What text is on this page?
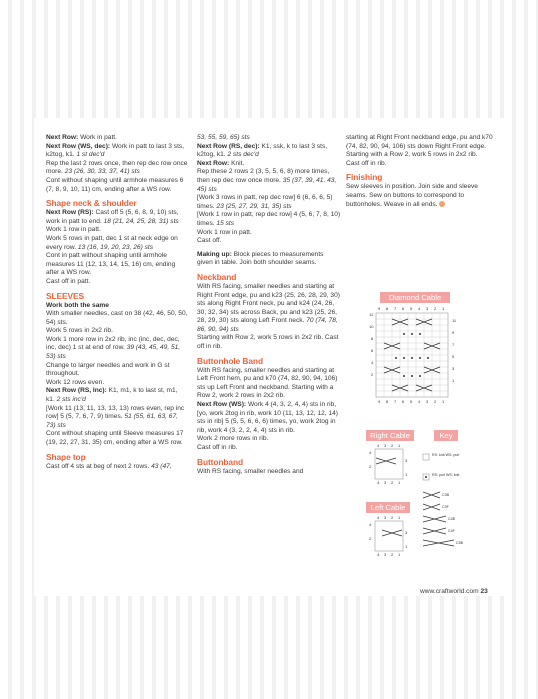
Next Row: Work in patt.

Next Row (WS, dec): Work in patt to last 3 sts, k2tog, k1. 1 st dec'd

Rep the last 2 rows once, then rep dec row once more. 23 (26, 30, 33, 37, 41) sts

Cont without shaping until armhole measures 6 (7, 8, 9, 10, 11) cm, ending after a WS row.

Shape neck & shoulder

Next Row (RS): Cast off 5 (5, 6, 8, 9, 10) sts, work in patt to end. 18 (21, 24, 25, 28, 31) sts

Work 1 row in patt.

Work 5 rows in patt, dec 1 st at neck edge on every row. 13 (16, 19, 20, 23, 26) sts

Cont in patt without shaping until armhole measures 11 (12, 13, 14, 15, 16) cm, ending after a WS row.

Cast off in patt.

SLEEVES

Work both the same

With smaller needles, cast on 38 (42, 46, 50, 50, 54) sts.

Work 5 rows in 2x2 rib.

Work 1 more row in 2x2 rib, inc (inc, dec, dec, inc, dec) 1 st at end of row. 39 (43, 45, 49, 51, 53) sts

Change to larger needles and work in G st throughout.

Work 12 rows even.

Next Row (RS, Inc): K1, m1, k to last st, m1, k1. 2 sts inc'd

[Work 11 (13, 11, 13, 13, 13) rows even, rep inc row] 5 (5, 7, 6, 7, 9) times. 51 (55, 61, 63, 67, 73) sts

Cont without shaping until Sleeve measures 17 (19, 22, 27, 31, 35) cm, ending after a WS row.

Shape top

Cast off 4 sts at beg of next 2 rows. 43 (47,

53, 55, 59, 65) sts

Next Row (RS, dec): K1, ssk, k to last 3 sts, k2tog, k1. 2 sts dec'd

Next Row: Knit.

Rep these 2 rows 2 (3, 5, 5, 6, 8) more times, then rep dec row once more. 35 (37, 39, 41, 43, 45) sts

[Work 3 rows in patt, rep dec row] 6 (6, 6, 6, 5) times. 23 (25, 27, 29, 31, 35) sts

[Work 1 row in patt, rep dec row] 4 (5, 6, 7, 8, 10) times. 15 sts

Work 1 row in patt.

Cast off.

Making up: Block pieces to measurements given in table. Join both shoulder seams.

Neckband

With RS facing, smaller needles and starting at Right Front edge, pu and k23 (25, 26, 28, 29, 30) sts along Right Front neck, pu and k24 (24, 26, 30, 32, 34) sts across Back, pu and k23 (25, 26, 28, 29, 30) sts along Left Front neck. 70 (74, 78, 86, 90, 94) sts

Starting with Row 2, work 5 rows in 2x2 rib. Cast off in rib.

Buttonhole Band

With RS facing, smaller needles and starting at Left Front hem, pu and k70 (74, 82, 90, 94, 106) sts up Left Front and neckband. Starting with a Row 2, work 2 rows in 2x2 rib.

Next Row (WS): Work 4 (4, 3, 2, 4, 4) sts in rib, [yo, work 2tog in rib, work 10 (11, 13, 12, 12, 14) sts in rib] 5 (5, 5, 6, 6, 6) times, yo, work 2tog in rib, work 4 (3, 2, 2, 4, 4) sts in rib.

Work 2 more rows in rib.

Cast off in rib.

Buttonband

With RS facing, smaller needles and

starting at Right Front neckband edge, pu and k70 (74, 82, 90, 94, 106) sts down Right Front edge.

Starting with a Row 2, work 5 rows in 2x2 rib.

Cast off in rib.

Finishing

Sew sleeves in position. Join side and sleeve seams. Sew on buttons to correspond to buttonholes. Weave in all ends.

Diamond Cable
9 8 7 6 5 4 3 2 1
12
11
10
9
8
7
6
5
4
3
2
1
9 8 7 6 5 4 3 2 1
Right Cable
4 3 2 1
4
3
2
1
4 3 2 1
Left Cable
4 3 2 1
4
3
2
1
4 3 2 1
Key
RS: knit WS: purl
RS: purl WS: knit
C3B
C3F
C4B
C4F
C5B
www.craftworld.com 23
